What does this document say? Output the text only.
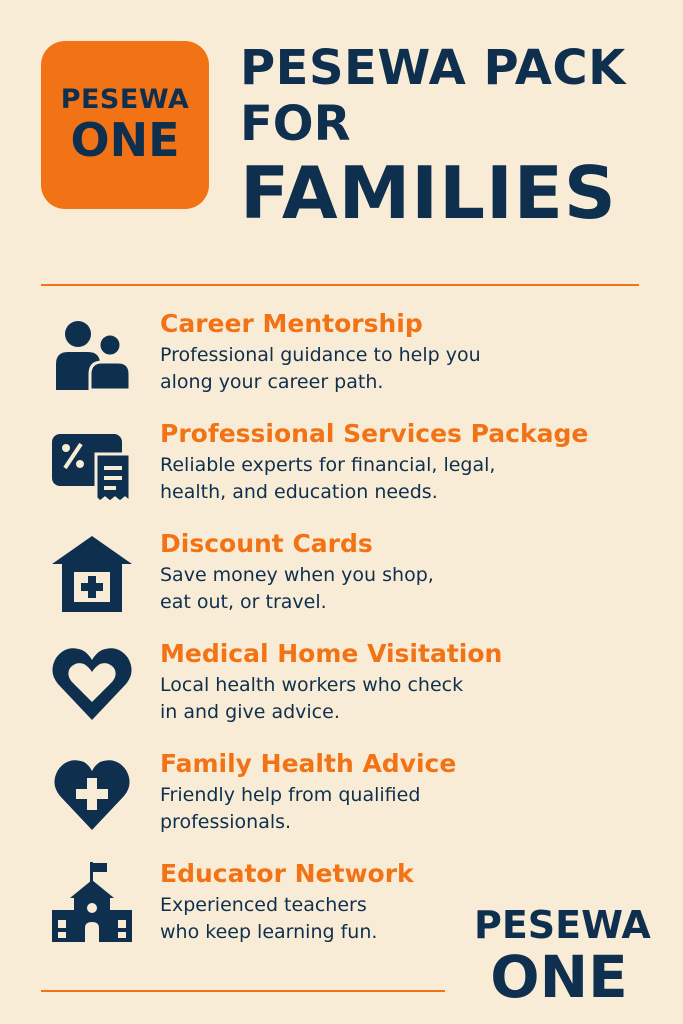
PESEWA
ONE
PESEWA PACK
FOR
FAMILIES
Career Mentorship
Professional guidance to help you
along your career path.
Professional Services Package
Reliable experts for financial, legal,
health, and education needs.
Discount Cards
Save money when you shop,
eat out, or travel.
Medical Home Visitation
Local health workers who check
in and give advice.
Family Health Advice
Friendly help from qualified
professionals.
Educator Network
Experienced teachers
who keep learning fun.	PESEWA
ONE
